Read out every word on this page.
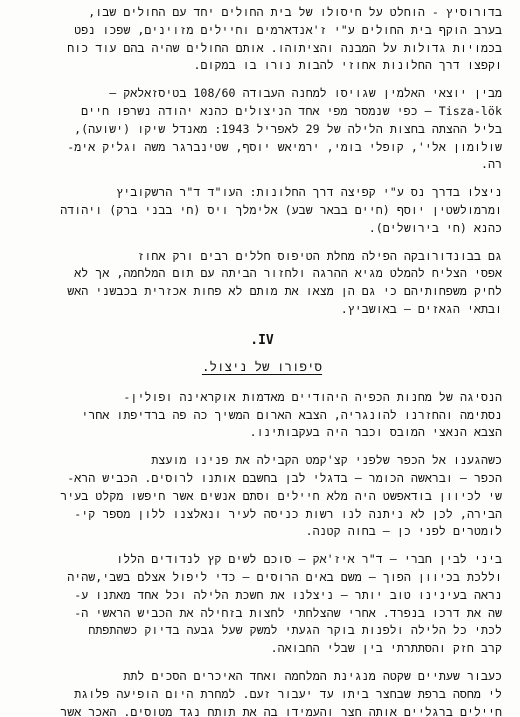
בדורוסיץ - הוחלט על חיסולו של בית החולים יחד עם החולים שבו,
בערב הוקף בית החולים ע"י ז'אנדארמים וחיילים מזוינים, שפכו נפט
בכמויות גדולות על המבנה והציתוהו. אותם החולים שהיה בהם עוד כוח
וקפצו דרך החלונות אחוזי להבות נורו בו במקום.
מבין יוצאי האלמין שגויסו למחנה העבודה 108/60 בטיסזאלאק –
Tisza-lök – כפי שנמסר מפי אחד הניצולים כהנא יהודה נשרפו חיים
בליל ההצתה בחצות הלילה של 29 לאפריל 1943: מאנדל שיקו (ישועה),
שולומון אלי', קופלי בומי, ירמיאש יוסף, שטינברגר משה וגליק אימ-
רה.
ניצלו בדרך נס ע"י קפיצה דרך החלונות: העו"ד ד"ר הרשקוביץ
ומרמולשטין יוסף (חיים בבאר שבע) אלימלך ויס (חי בבני ברק) ויהודה
כהנא (חי בירושלים).
גם בבונדורובקה הפילה מחלת הטיפוס חללים רבים ורק אחוז
אפסי הצליח להמלט מגיא ההרגה ולחזור הביתה עם תום המלחמה, אך לא
לחיק משפחותיהם כי גם הן מצאו את מותם לא פחות אכזרית בכבשני האש
ובתאי הגאזים – באושביץ.
IV.
סיפורו של ניצול.
הנסיגה של מחנות הכפיה היהודיים מאדמות אוקראינה ופולין-
נסתימה והחזרנו להונגריה, הצבא הארום המשיך כה פה ברדיפתו אחרי
הצבא הנאצי המובס וכבר היה בעקבותינו.
כשהגענו אל הכפר שלפני קצ'קמט הקבילה את פנינו מועצת
הכפר – ובראשה הכומר – בדגלי לבן בחשבם אותנו לרוסים. הכביש הרא-
שי לכיוון בודאפשט היה מלא חיילים וסתם אנשים אשר חיפשו מקלט בעיר
הבירה, לכן לא ניתנה לנו רשות כניסה לעיר ונאלצנו ללון מספר קי-
לומטרים לפני כן – בחוה קטנה.
ביני לבין חברי – ד"ר איז'אק – סוכם לשים קץ לנדודים הללו
וללכת בכיוון הפוך – משם באים הרוסים – כדי ליפול אצלם בשבי,שהיה
נראה בעינינו טוב יותר – ניצלנו את חשכת הלילה וכל אחד מאתנו ע-
שה את דרכו בנפרד. אחרי שהצלחתי לחצות בזחילה את הכביש הראשי ה-
לכתי כל הלילה ולפנות בוקר הגעתי למשק שעל גבעה בדיוק כשהתפתח
קרב חזק והסתתרתי בין שבלי החבואה.
כעבור שעתיים שקטה מנגינת המלחמה ואחד האיכרים הסכים לתת
לי מחסה ברפת שבחצר ביתו עד יעבור זעם. למחרת היום הופיעה פלוגת
חיילים ברגליים אותה חצר והעמידו בה את תותח נגד מטוסים. האכר אשר
